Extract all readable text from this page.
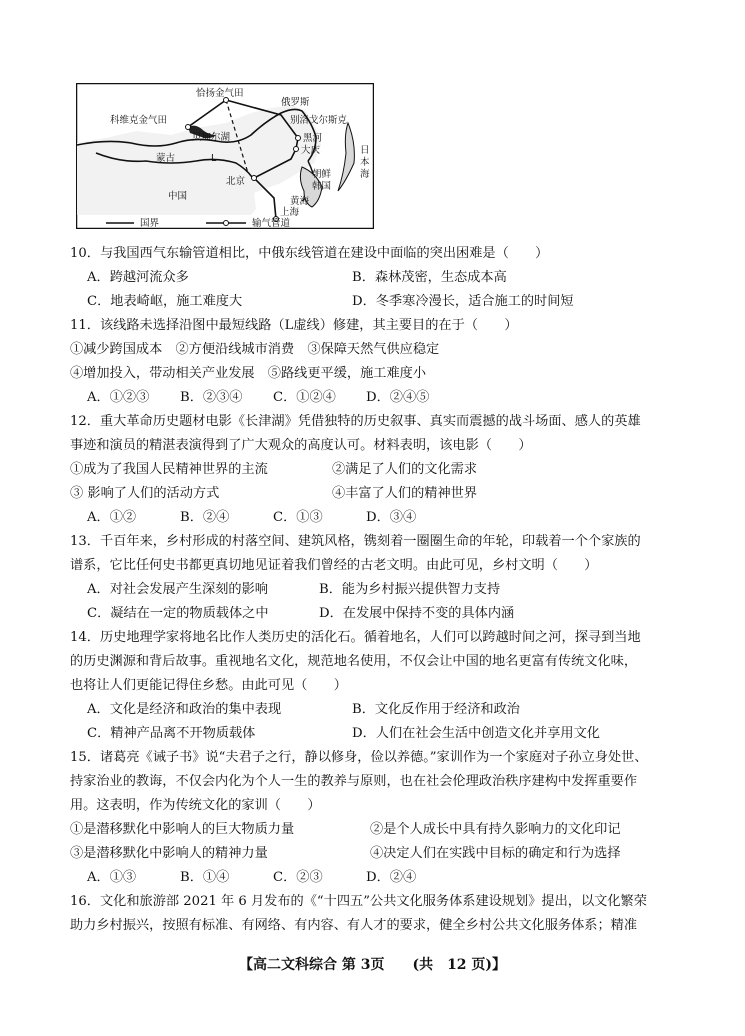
恰扬金气田
俄罗斯
科维克金气田	别洛戈尔斯克
贝加尔湖	黑河
大庆
蒙古	L
北京
中国
朝鲜
韩国
日
本
海
黄海
上海
国界	输气管道
10．与我国西气东输管道相比，中俄东线管道在建设中面临的突出困难是（　　）
A．跨越河流众多	B．森林茂密，生态成本高
C．地表崎岖，施工难度大	D．冬季寒冷漫长，适合施工的时间短
11．该线路未选择沿图中最短线路（L虚线）修建，其主要目的在于（　　）
①减少跨国成本　②方便沿线城市消费　③保障天然气供应稳定
④增加投入，带动相关产业发展　⑤路线更平缓，施工难度小
A．①②③	B．②③④	C．①②④	D．②④⑤
12．重大革命历史题材电影《长津湖》凭借独特的历史叙事、真实而震撼的战斗场面、感人的英雄
事迹和演员的精湛表演得到了广大观众的高度认可。材料表明，该电影（　　）
①成为了我国人民精神世界的主流	②满足了人们的文化需求
③ 影响了人们的活动方式	④丰富了人们的精神世界
A．①②	B．②④	C．①③	D．③④
13．千百年来，乡村形成的村落空间、建筑风格，镌刻着一圈圈生命的年轮，印载着一个个家族的
谱系，它比任何史书都更真切地见证着我们曾经的古老文明。由此可见，乡村文明（　　）
A．对社会发展产生深刻的影响	B．能为乡村振兴提供智力支持
C．凝结在一定的物质载体之中	D．在发展中保持不变的具体内涵
14．历史地理学家将地名比作人类历史的活化石。循着地名，人们可以跨越时间之河，探寻到当地
的历史渊源和背后故事。重视地名文化，规范地名使用，不仅会让中国的地名更富有传统文化味，
也将让人们更能记得住乡愁。由此可见（　　）
A．文化是经济和政治的集中表现	B．文化反作用于经济和政治
C．精神产品离不开物质载体	D．人们在社会生活中创造文化并享用文化
15．诸葛亮《诫子书》说“夫君子之行，静以修身，俭以养德。”家训作为一个家庭对子孙立身处世、
持家治业的教诲，不仅会内化为个人一生的教养与原则，也在社会伦理政治秩序建构中发挥重要作
用。这表明，作为传统文化的家训（　　）
①是潜移默化中影响人的巨大物质力量	②是个人成长中具有持久影响力的文化印记
③是潜移默化中影响人的精神力量	④决定人们在实践中目标的确定和行为选择
A．①③	B．①④	C．②③	D．②④
16．文化和旅游部 2021 年 6 月发布的《“十四五”公共文化服务体系建设规划》提出，以文化繁荣
助力乡村振兴，按照有标准、有网络、有内容、有人才的要求，健全乡村公共文化服务体系；精准
【高二文科综合 第 3页　　(共　12 页)】
